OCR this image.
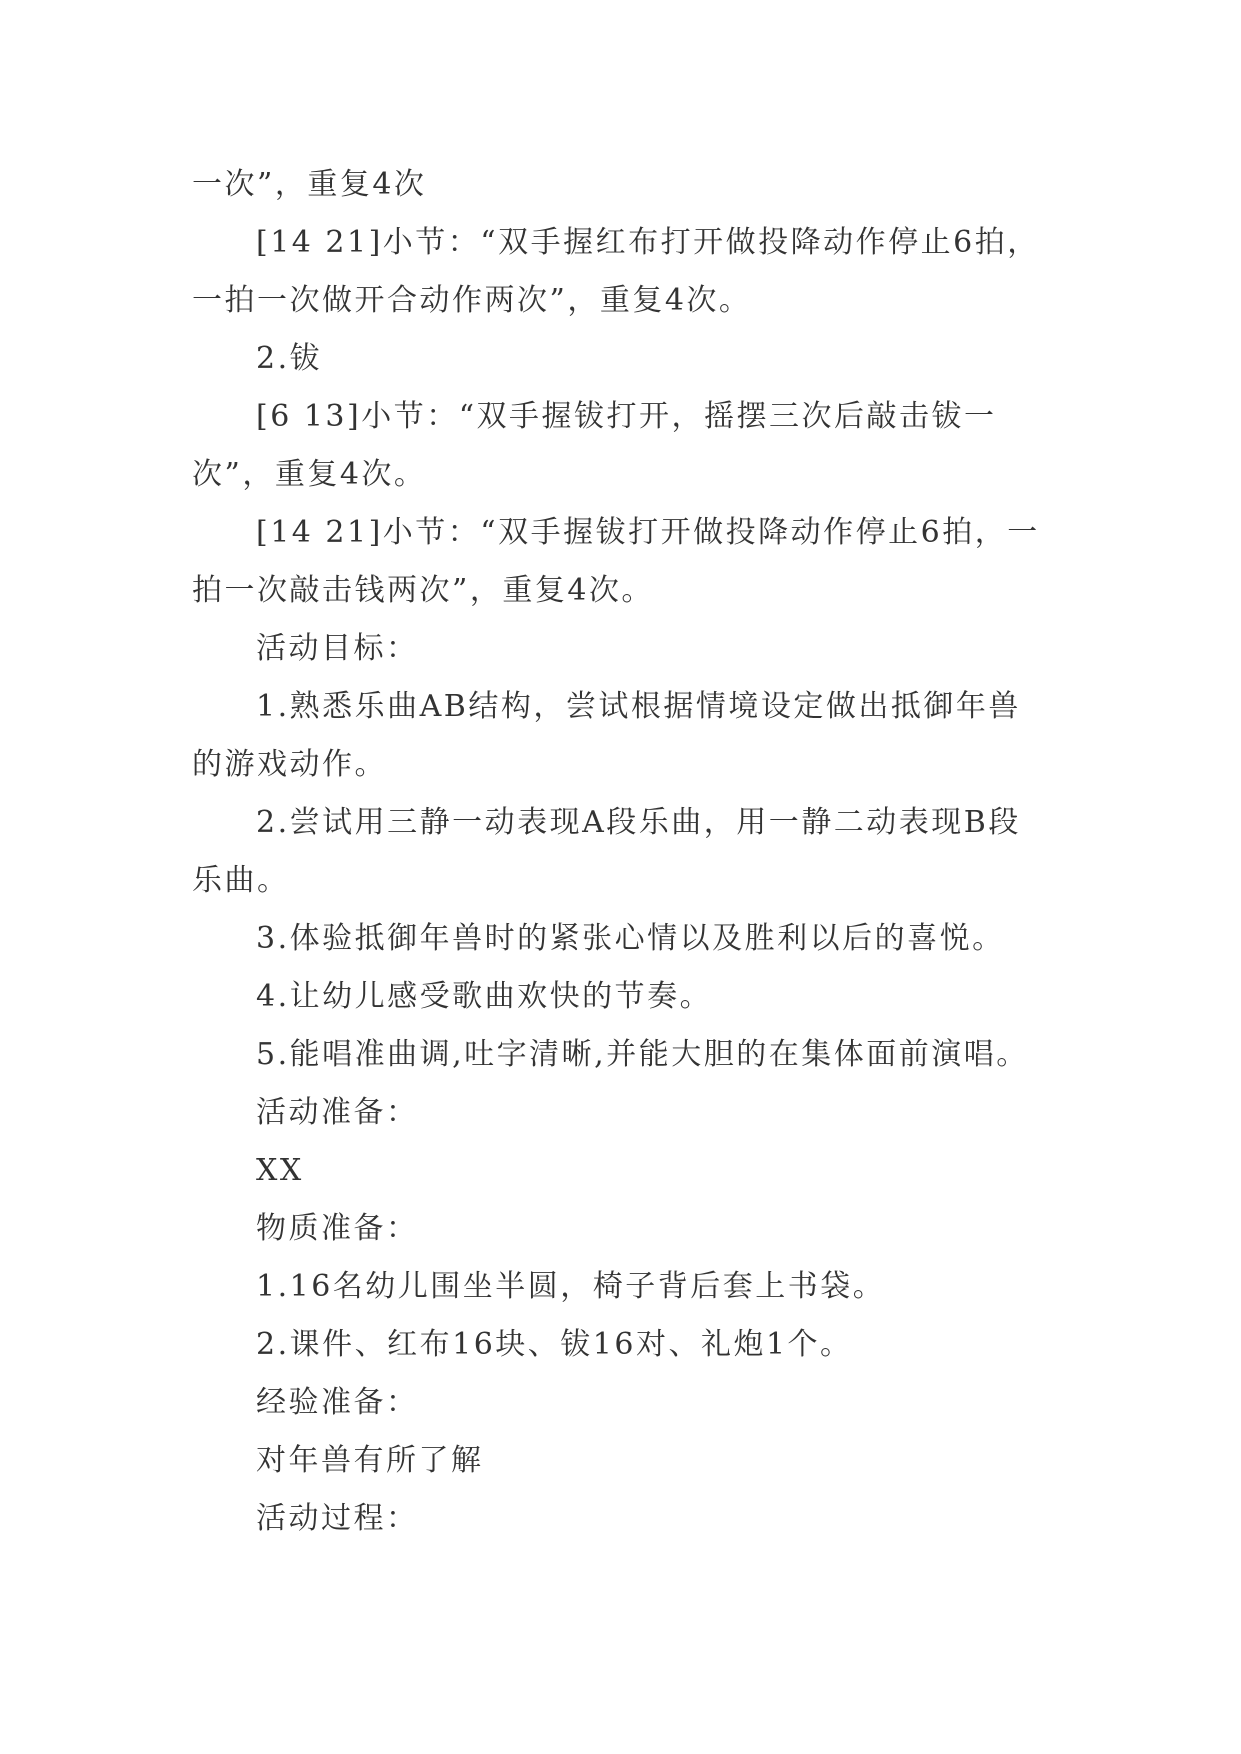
一次”，重复4次
[14 21]小节：“双手握红布打开做投降动作停止6拍，
一拍一次做开合动作两次”，重复4次。
2.钹
[6 13]小节：“双手握钹打开，摇摆三次后敲击钹一
次”，重复4次。
[14 21]小节：“双手握钹打开做投降动作停止6拍，一
拍一次敲击钱两次”，重复4次。
活动目标：
1.熟悉乐曲AB结构，尝试根据情境设定做出抵御年兽
的游戏动作。
2.尝试用三静一动表现A段乐曲，用一静二动表现B段
乐曲。
3.体验抵御年兽时的紧张心情以及胜利以后的喜悦。
4.让幼儿感受歌曲欢快的节奏。
5.能唱准曲调,吐字清晰,并能大胆的在集体面前演唱。
活动准备：
XX
物质准备：
1.16名幼儿围坐半圆，椅子背后套上书袋。
2.课件、红布16块、钹16对、礼炮1个。
经验准备：
对年兽有所了解
活动过程：
